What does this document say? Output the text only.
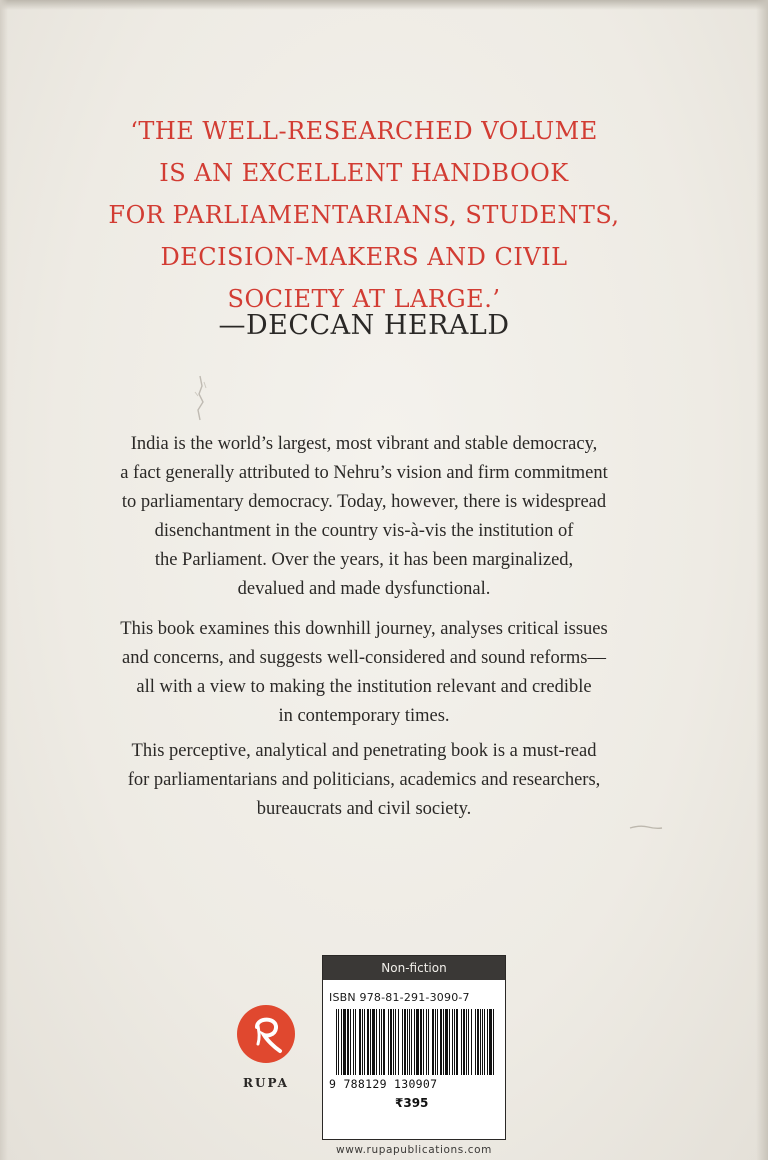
‘THE WELL-RESEARCHED VOLUME
IS AN EXCELLENT HANDBOOK
FOR PARLIAMENTARIANS, STUDENTS,
DECISION-MAKERS AND CIVIL
SOCIETY AT LARGE.’

—DECCAN HERALD

India is the world’s largest, most vibrant and stable democracy,
a fact generally attributed to Nehru’s vision and firm commitment
to parliamentary democracy. Today, however, there is widespread
disenchantment in the country vis-à-vis the institution of
the Parliament. Over the years, it has been marginalized,
devalued and made dysfunctional.

This book examines this downhill journey, analyses critical issues
and concerns, and suggests well-considered and sound reforms—
all with a view to making the institution relevant and credible
in contemporary times.

This perceptive, analytical and penetrating book is a must-read
for parliamentarians and politicians, academics and researchers,
bureaucrats and civil society.

RUPA
Non-fiction
ISBN 978-81-291-3090-7
9 788129 130907
₹395
www.rupapublications.com
